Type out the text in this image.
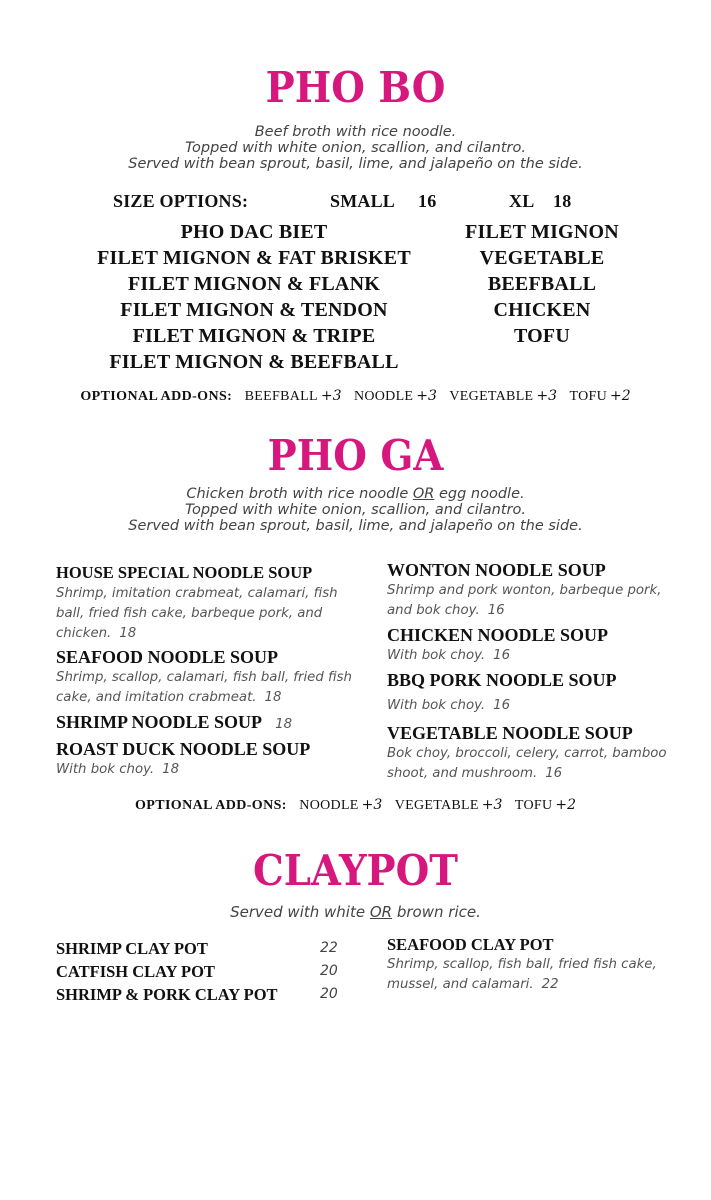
PHO BO
Beef broth with rice noodle.
Topped with white onion, scallion, and cilantro.
Served with bean sprout, basil, lime, and jalapeño on the side.
SIZE OPTIONS:	SMALL 16	XL 18
PHO DAC BIET
FILET MIGNON & FAT BRISKET
FILET MIGNON & FLANK
FILET MIGNON & TENDON
FILET MIGNON & TRIPE
FILET MIGNON & BEEFBALL
FILET MIGNON
VEGETABLE
BEEFBALL
CHICKEN
TOFU
OPTIONAL ADD-ONS: BEEFBALL +3 NOODLE +3 VEGETABLE +3 TOFU +2
PHO GA
Chicken broth with rice noodle OR egg noodle.
Topped with white onion, scallion, and cilantro.
Served with bean sprout, basil, lime, and jalapeño on the side.
HOUSE SPECIAL NOODLE SOUP
Shrimp, imitation crabmeat, calamari, fish ball, fried fish cake, barbeque pork, and chicken. 18
SEAFOOD NOODLE SOUP
Shrimp, scallop, calamari, fish ball, fried fish cake, and imitation crabmeat. 18
SHRIMP NOODLE SOUP 18
ROAST DUCK NOODLE SOUP
With bok choy. 18
WONTON NOODLE SOUP
Shrimp and pork wonton, barbeque pork, and bok choy. 16
CHICKEN NOODLE SOUP
With bok choy. 16
BBQ PORK NOODLE SOUP
With bok choy. 16
VEGETABLE NOODLE SOUP
Bok choy, broccoli, celery, carrot, bamboo shoot, and mushroom. 16
OPTIONAL ADD-ONS: NOODLE +3 VEGETABLE +3 TOFU +2
CLAYPOT
Served with white OR brown rice.
SHRIMP CLAY POT	22
CATFISH CLAY POT	20
SHRIMP & PORK CLAY POT	20
SEAFOOD CLAY POT
Shrimp, scallop, fish ball, fried fish cake, mussel, and calamari. 22
